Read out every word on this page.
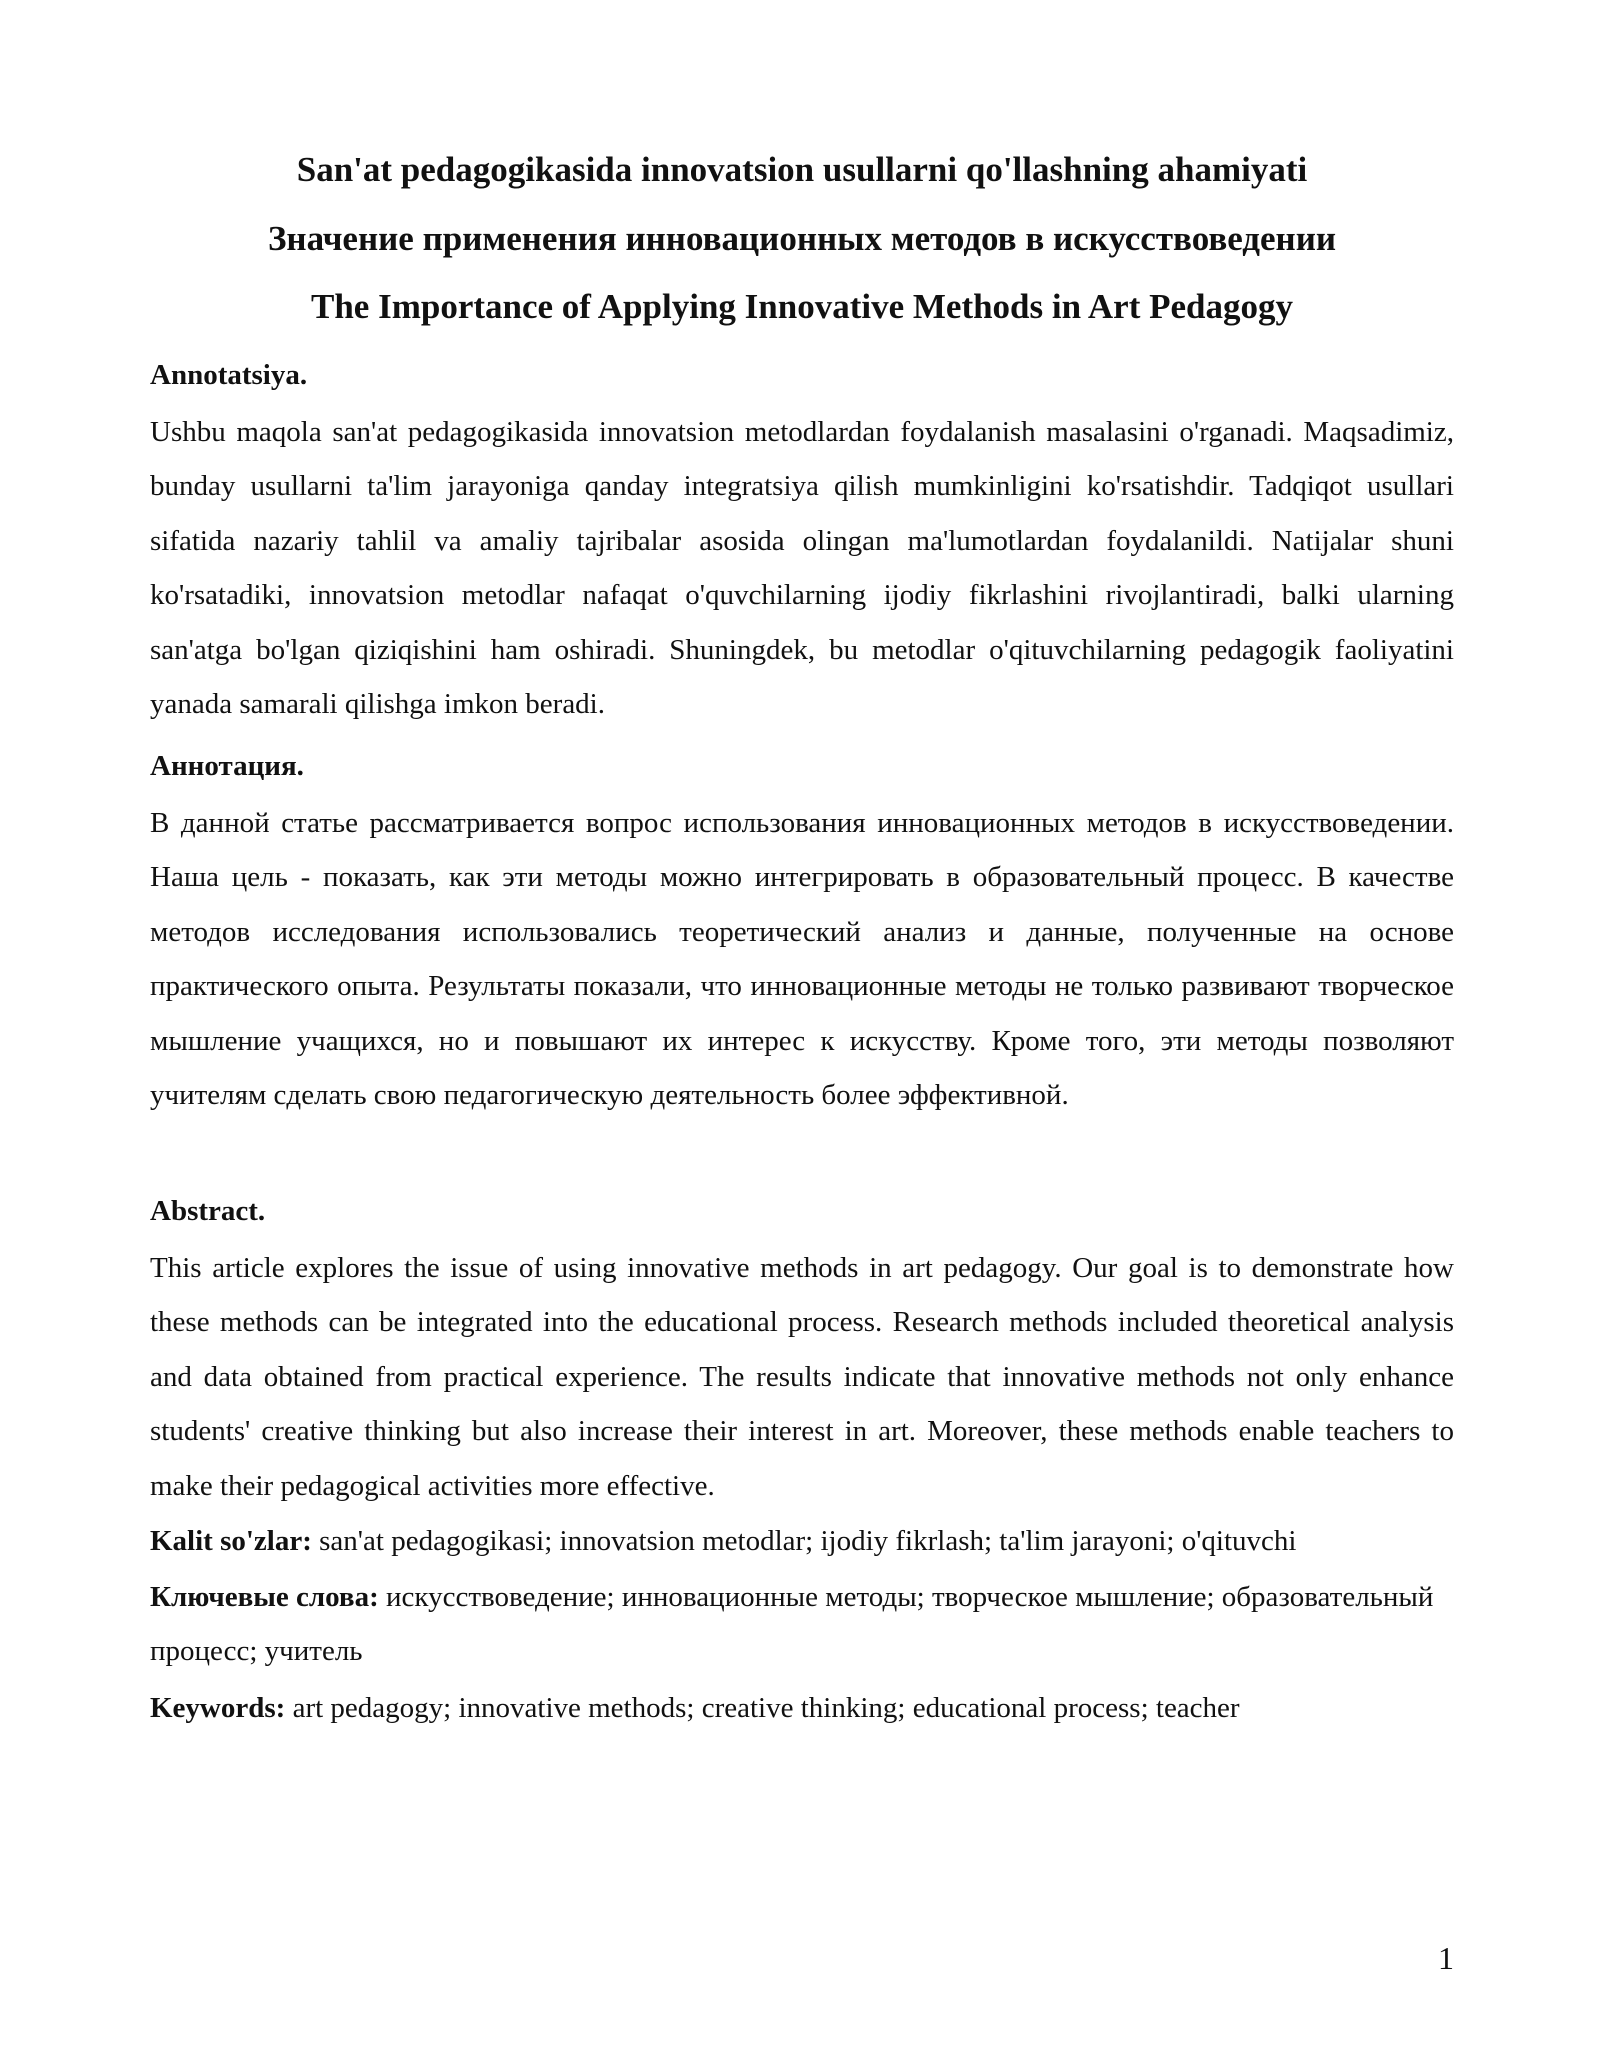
San'at pedagogikasida innovatsion usullarni qo'llashning ahamiyati
Значение применения инновационных методов в искусствоведении
The Importance of Applying Innovative Methods in Art Pedagogy

Annotatsiya.

Ushbu maqola san'at pedagogikasida innovatsion metodlardan foydalanish masalasini o'rganadi. Maqsadimiz, bunday usullarni ta'lim jarayoniga qanday integratsiya qilish mumkinligini ko'rsatishdir. Tadqiqot usullari sifatida nazariy tahlil va amaliy tajribalar asosida olingan ma'lumotlardan foydalanildi. Natijalar shuni ko'rsatadiki, innovatsion metodlar nafaqat o'quvchilarning ijodiy fikrlashini rivojlantiradi, balki ularning san'atga bo'lgan qiziqishini ham oshiradi. Shuningdek, bu metodlar o'qituvchilarning pedagogik faoliyatini yanada samarali qilishga imkon beradi.

Аннотация.

В данной статье рассматривается вопрос использования инновационных методов в искусствоведении. Наша цель - показать, как эти методы можно интегрировать в образовательный процесс. В качестве методов исследования использовались теоретический анализ и данные, полученные на основе практического опыта. Результаты показали, что инновационные методы не только развивают творческое мышление учащихся, но и повышают их интерес к искусству. Кроме того, эти методы позволяют учителям сделать свою педагогическую деятельность более эффективной.

Abstract.

This article explores the issue of using innovative methods in art pedagogy. Our goal is to demonstrate how these methods can be integrated into the educational process. Research methods included theoretical analysis and data obtained from practical experience. The results indicate that innovative methods not only enhance students' creative thinking but also increase their interest in art. Moreover, these methods enable teachers to make their pedagogical activities more effective.

Kalit so'zlar: san'at pedagogikasi; innovatsion metodlar; ijodiy fikrlash; ta'lim jarayoni; o'qituvchi

Ключевые слова: искусствоведение; инновационные методы; творческое мышление; образовательный процесс; учитель

Keywords: art pedagogy; innovative methods; creative thinking; educational process; teacher

1
